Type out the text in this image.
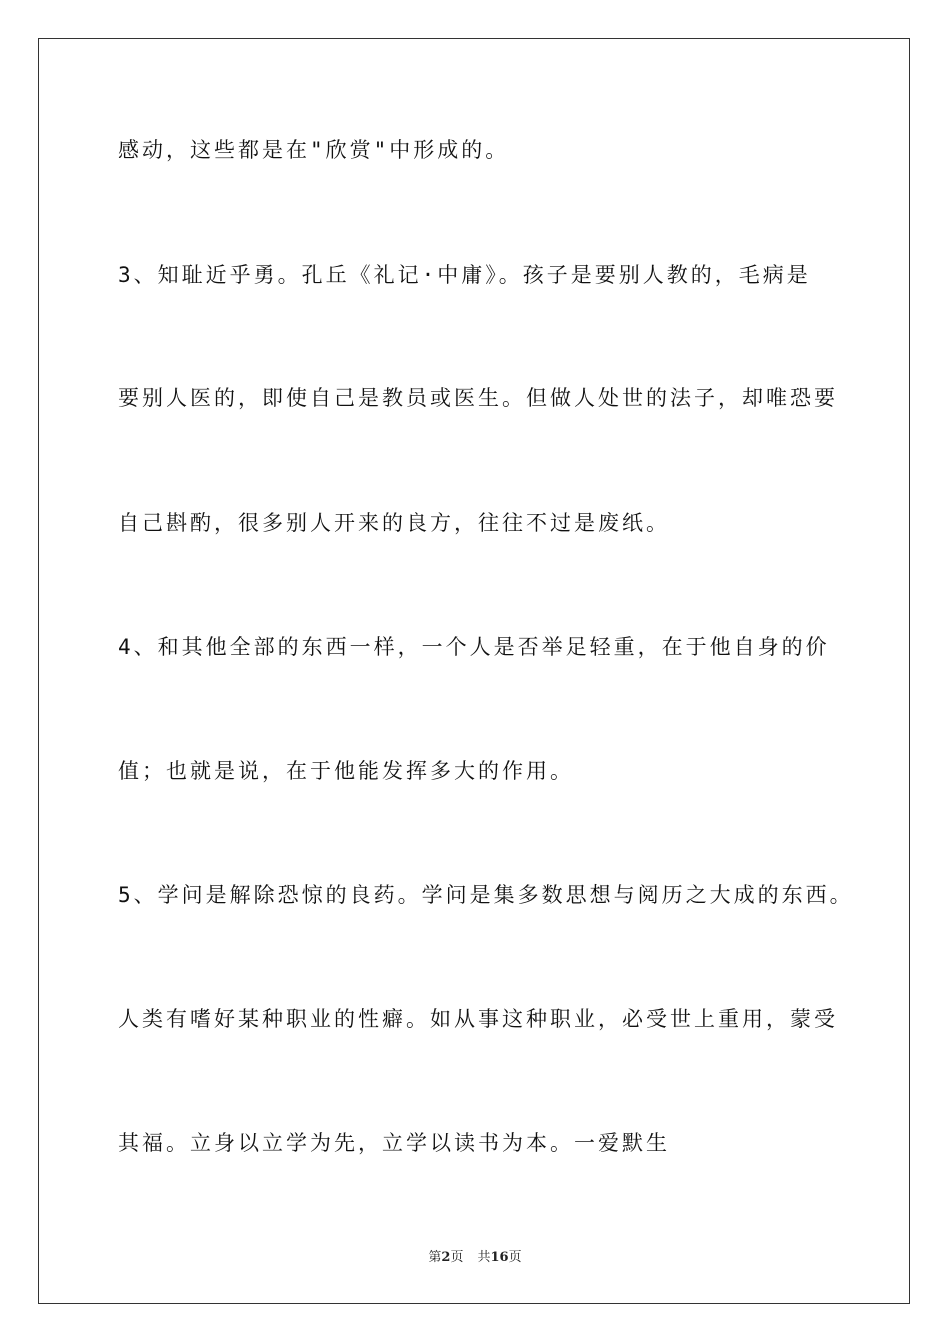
感动，这些都是在"欣赏"中形成的。

3、知耻近乎勇。孔丘《礼记·中庸》。孩子是要别人教的，毛病是

要别人医的，即使自己是教员或医生。但做人处世的法子，却唯恐要

自己斟酌，很多别人开来的良方，往往不过是废纸。

4、和其他全部的东西一样，一个人是否举足轻重，在于他自身的价

值；也就是说，在于他能发挥多大的作用。

5、学问是解除恐惊的良药。学问是集多数思想与阅历之大成的东西。

人类有嗜好某种职业的性癖。如从事这种职业，必受世上重用，蒙受

其福。立身以立学为先，立学以读书为本。一爱默生

第2页 共16页
